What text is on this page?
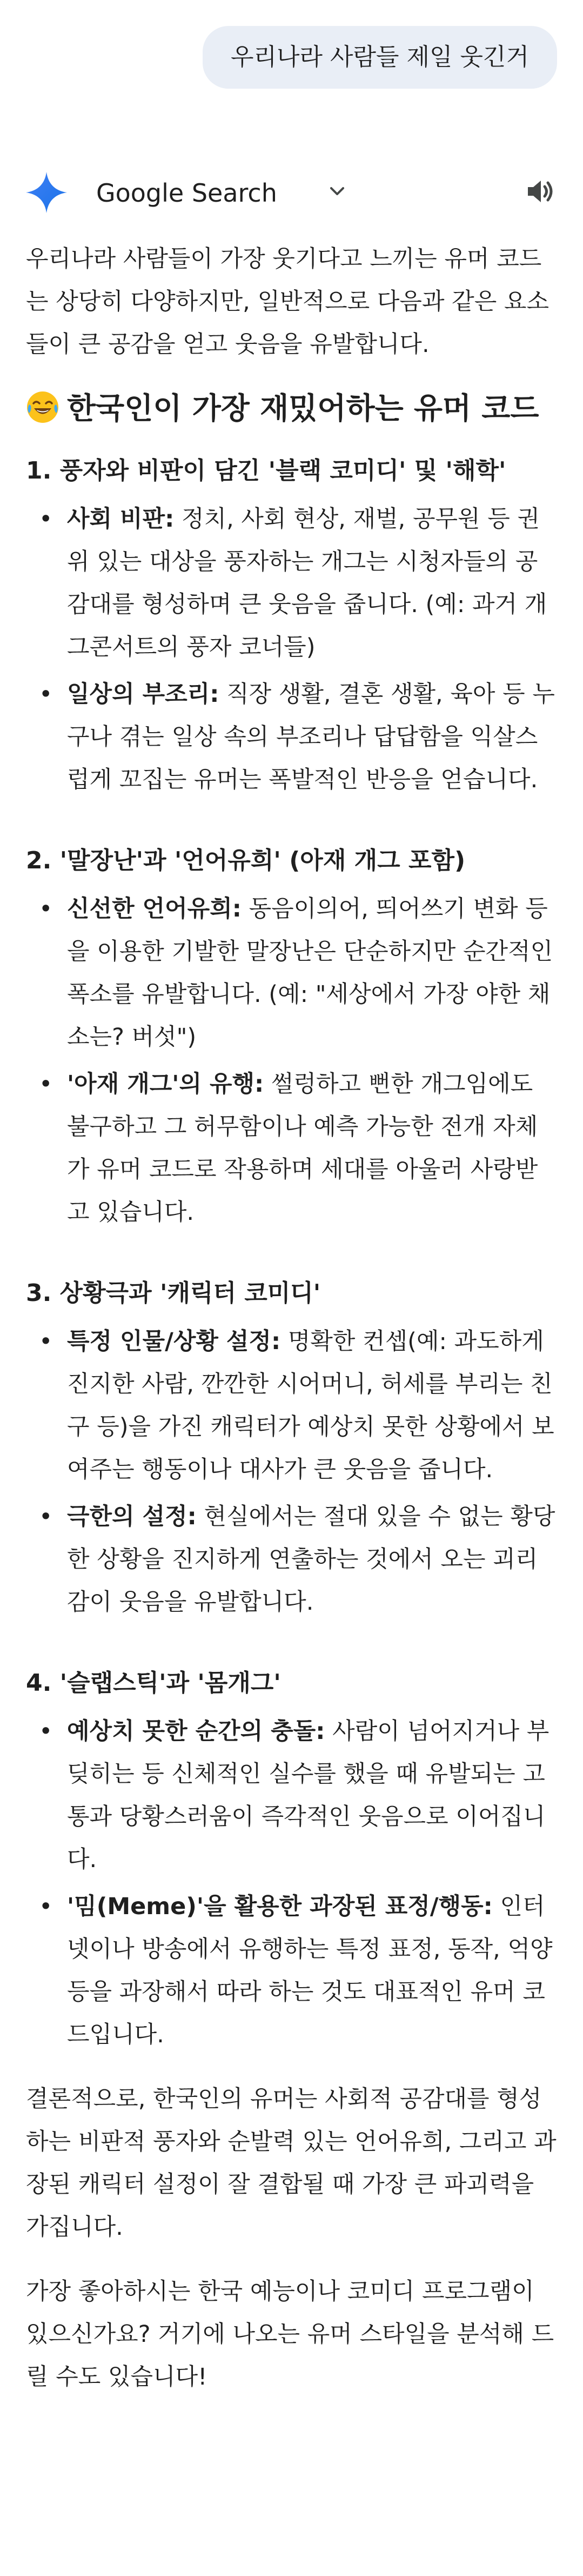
우리나라 사람들 제일 웃긴거
Google Search

우리나라 사람들이 가장 웃기다고 느끼는 유머 코드는 상당히 다양하지만, 일반적으로 다음과 같은 요소들이 큰 공감을 얻고 웃음을 유발합니다.

한국인이 가장 재밌어하는 유머 코드
1. 풍자와 비판이 담긴 '블랙 코미디' 및 '해학'
• 사회 비판: 정치, 사회 현상, 재벌, 공무원 등 권위 있는 대상을 풍자하는 개그는 시청자들의 공감대를 형성하며 큰 웃음을 줍니다. (예: 과거 개그콘서트의 풍자 코너들)
• 일상의 부조리: 직장 생활, 결혼 생활, 육아 등 누구나 겪는 일상 속의 부조리나 답답함을 익살스럽게 꼬집는 유머는 폭발적인 반응을 얻습니다.
2. '말장난'과 '언어유희' (아재 개그 포함)
• 신선한 언어유희: 동음이의어, 띄어쓰기 변화 등을 이용한 기발한 말장난은 단순하지만 순간적인 폭소를 유발합니다. (예: "세상에서 가장 야한 채소는? 버섯")
• '아재 개그'의 유행: 썰렁하고 뻔한 개그임에도 불구하고 그 허무함이나 예측 가능한 전개 자체가 유머 코드로 작용하며 세대를 아울러 사랑받고 있습니다.
3. 상황극과 '캐릭터 코미디'
• 특정 인물/상황 설정: 명확한 컨셉(예: 과도하게 진지한 사람, 깐깐한 시어머니, 허세를 부리는 친구 등)을 가진 캐릭터가 예상치 못한 상황에서 보여주는 행동이나 대사가 큰 웃음을 줍니다.
• 극한의 설정: 현실에서는 절대 있을 수 없는 황당한 상황을 진지하게 연출하는 것에서 오는 괴리감이 웃음을 유발합니다.
4. '슬랩스틱'과 '몸개그'
• 예상치 못한 순간의 충돌: 사람이 넘어지거나 부딪히는 등 신체적인 실수를 했을 때 유발되는 고통과 당황스러움이 즉각적인 웃음으로 이어집니다.
• '밈(Meme)'을 활용한 과장된 표정/행동: 인터넷이나 방송에서 유행하는 특정 표정, 동작, 억양 등을 과장해서 따라 하는 것도 대표적인 유머 코드입니다.

결론적으로, 한국인의 유머는 사회적 공감대를 형성하는 비판적 풍자와 순발력 있는 언어유희, 그리고 과장된 캐릭터 설정이 잘 결합될 때 가장 큰 파괴력을 가집니다.

가장 좋아하시는 한국 예능이나 코미디 프로그램이 있으신가요? 거기에 나오는 유머 스타일을 분석해 드릴 수도 있습니다!
